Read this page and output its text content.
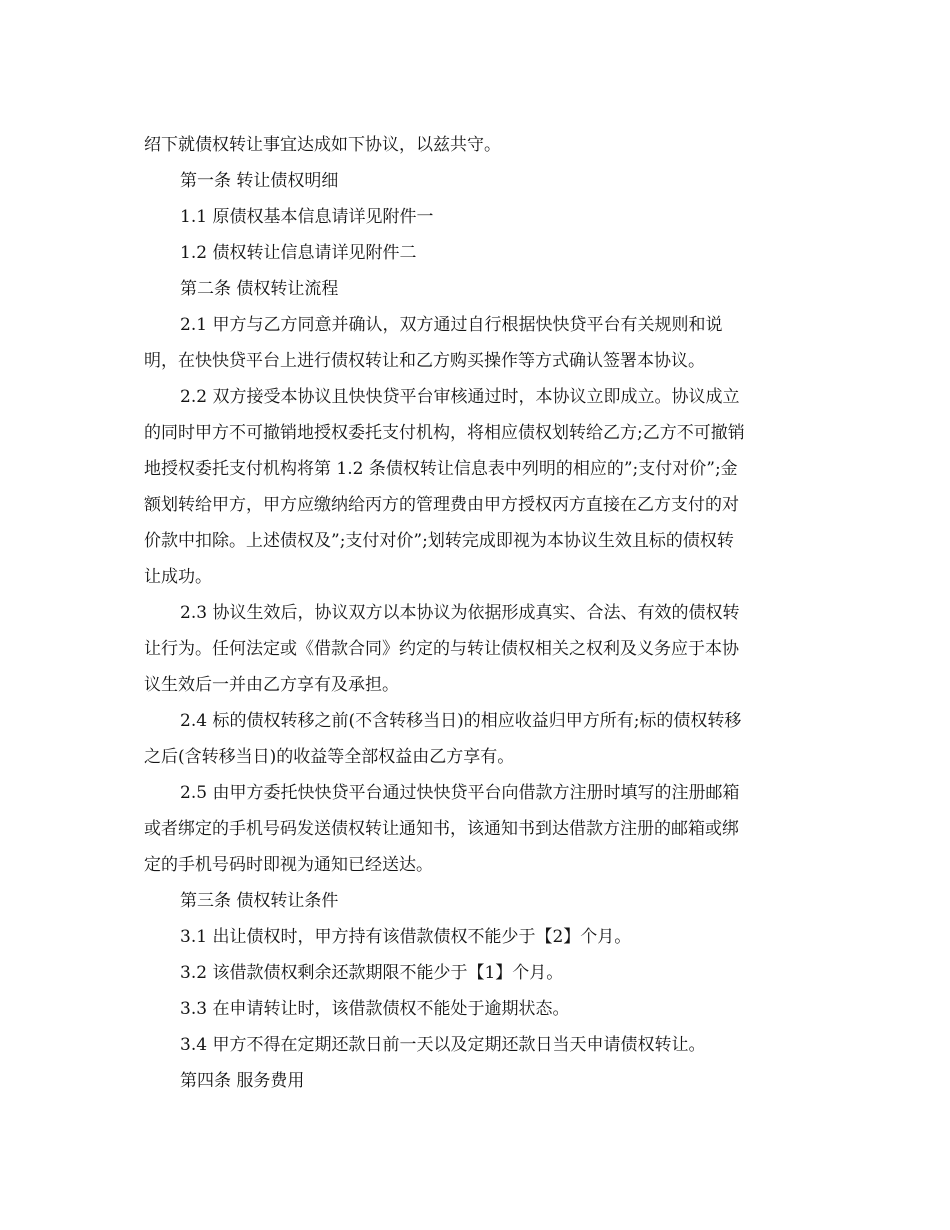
绍下就债权转让事宜达成如下协议，以兹共守。
第一条 转让债权明细
1.1 原债权基本信息请详见附件一
1.2 债权转让信息请详见附件二
第二条 债权转让流程
2.1 甲方与乙方同意并确认，双方通过自行根据快快贷平台有关规则和说
明，在快快贷平台上进行债权转让和乙方购买操作等方式确认签署本协议。
2.2 双方接受本协议且快快贷平台审核通过时，本协议立即成立。协议成立
的同时甲方不可撤销地授权委托支付机构，将相应债权划转给乙方;乙方不可撤销
地授权委托支付机构将第 1.2 条债权转让信息表中列明的相应的”;支付对价”;金
额划转给甲方，甲方应缴纳给丙方的管理费由甲方授权丙方直接在乙方支付的对
价款中扣除。上述债权及”;支付对价”;划转完成即视为本协议生效且标的债权转
让成功。
2.3 协议生效后，协议双方以本协议为依据形成真实、合法、有效的债权转
让行为。任何法定或《借款合同》约定的与转让债权相关之权利及义务应于本协
议生效后一并由乙方享有及承担。
2.4 标的债权转移之前(不含转移当日)的相应收益归甲方所有;标的债权转移
之后(含转移当日)的收益等全部权益由乙方享有。
2.5 由甲方委托快快贷平台通过快快贷平台向借款方注册时填写的注册邮箱
或者绑定的手机号码发送债权转让通知书，该通知书到达借款方注册的邮箱或绑
定的手机号码时即视为通知已经送达。
第三条 债权转让条件
3.1 出让债权时，甲方持有该借款债权不能少于【2】个月。
3.2 该借款债权剩余还款期限不能少于【1】个月。
3.3 在申请转让时，该借款债权不能处于逾期状态。
3.4 甲方不得在定期还款日前一天以及定期还款日当天申请债权转让。
第四条 服务费用
